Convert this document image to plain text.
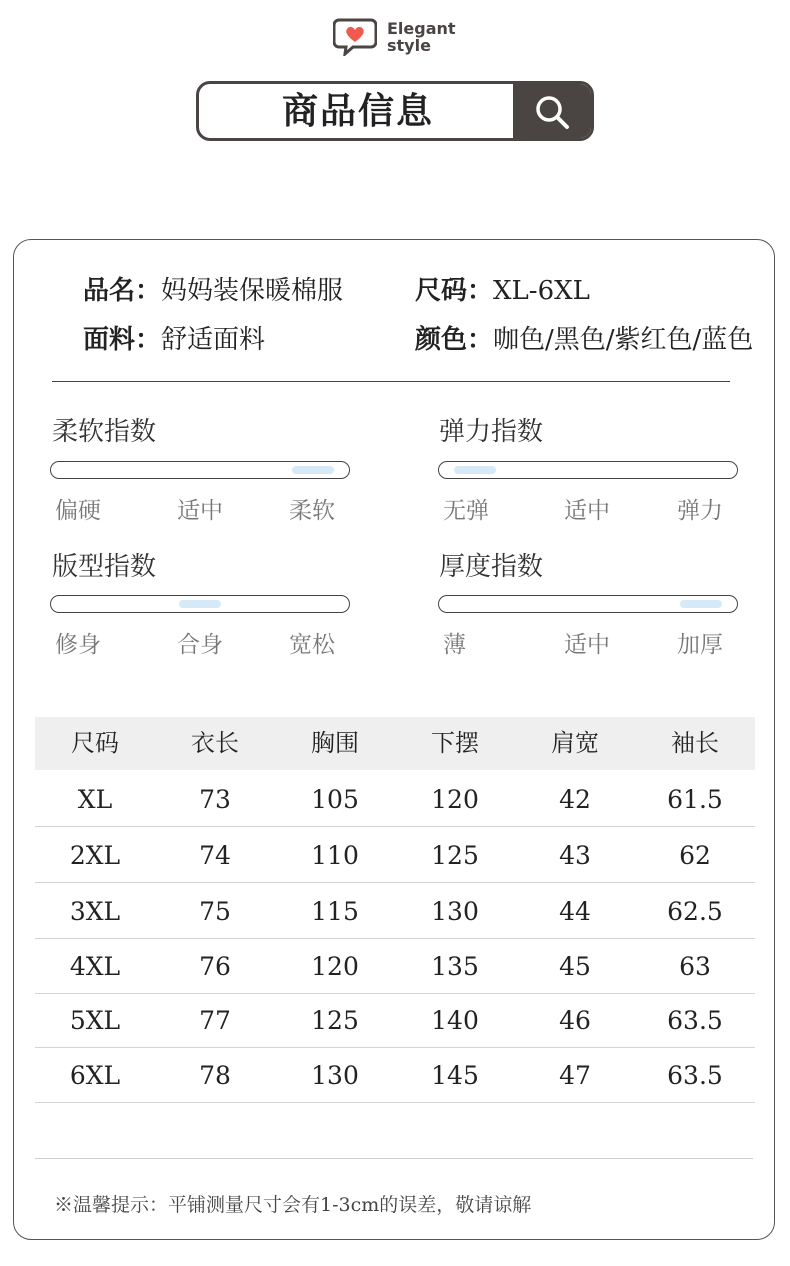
Elegant
style
商品信息
品名：妈妈装保暖棉服	尺码：XL-6XL
面料：舒适面料	颜色：咖色/黑色/紫红色/蓝色
柔软指数
偏硬	适中	柔软
弹力指数
无弹	适中	弹力
版型指数
修身	合身	宽松
厚度指数
薄	适中	加厚
尺码	衣长	胸围	下摆	肩宽	袖长
XL	73	105	120	42	61.5
2XL	74	110	125	43	62
3XL	75	115	130	44	62.5
4XL	76	120	135	45	63
5XL	77	125	140	46	63.5
6XL	78	130	145	47	63.5
※温馨提示：平铺测量尺寸会有1-3cm的误差，敬请谅解
